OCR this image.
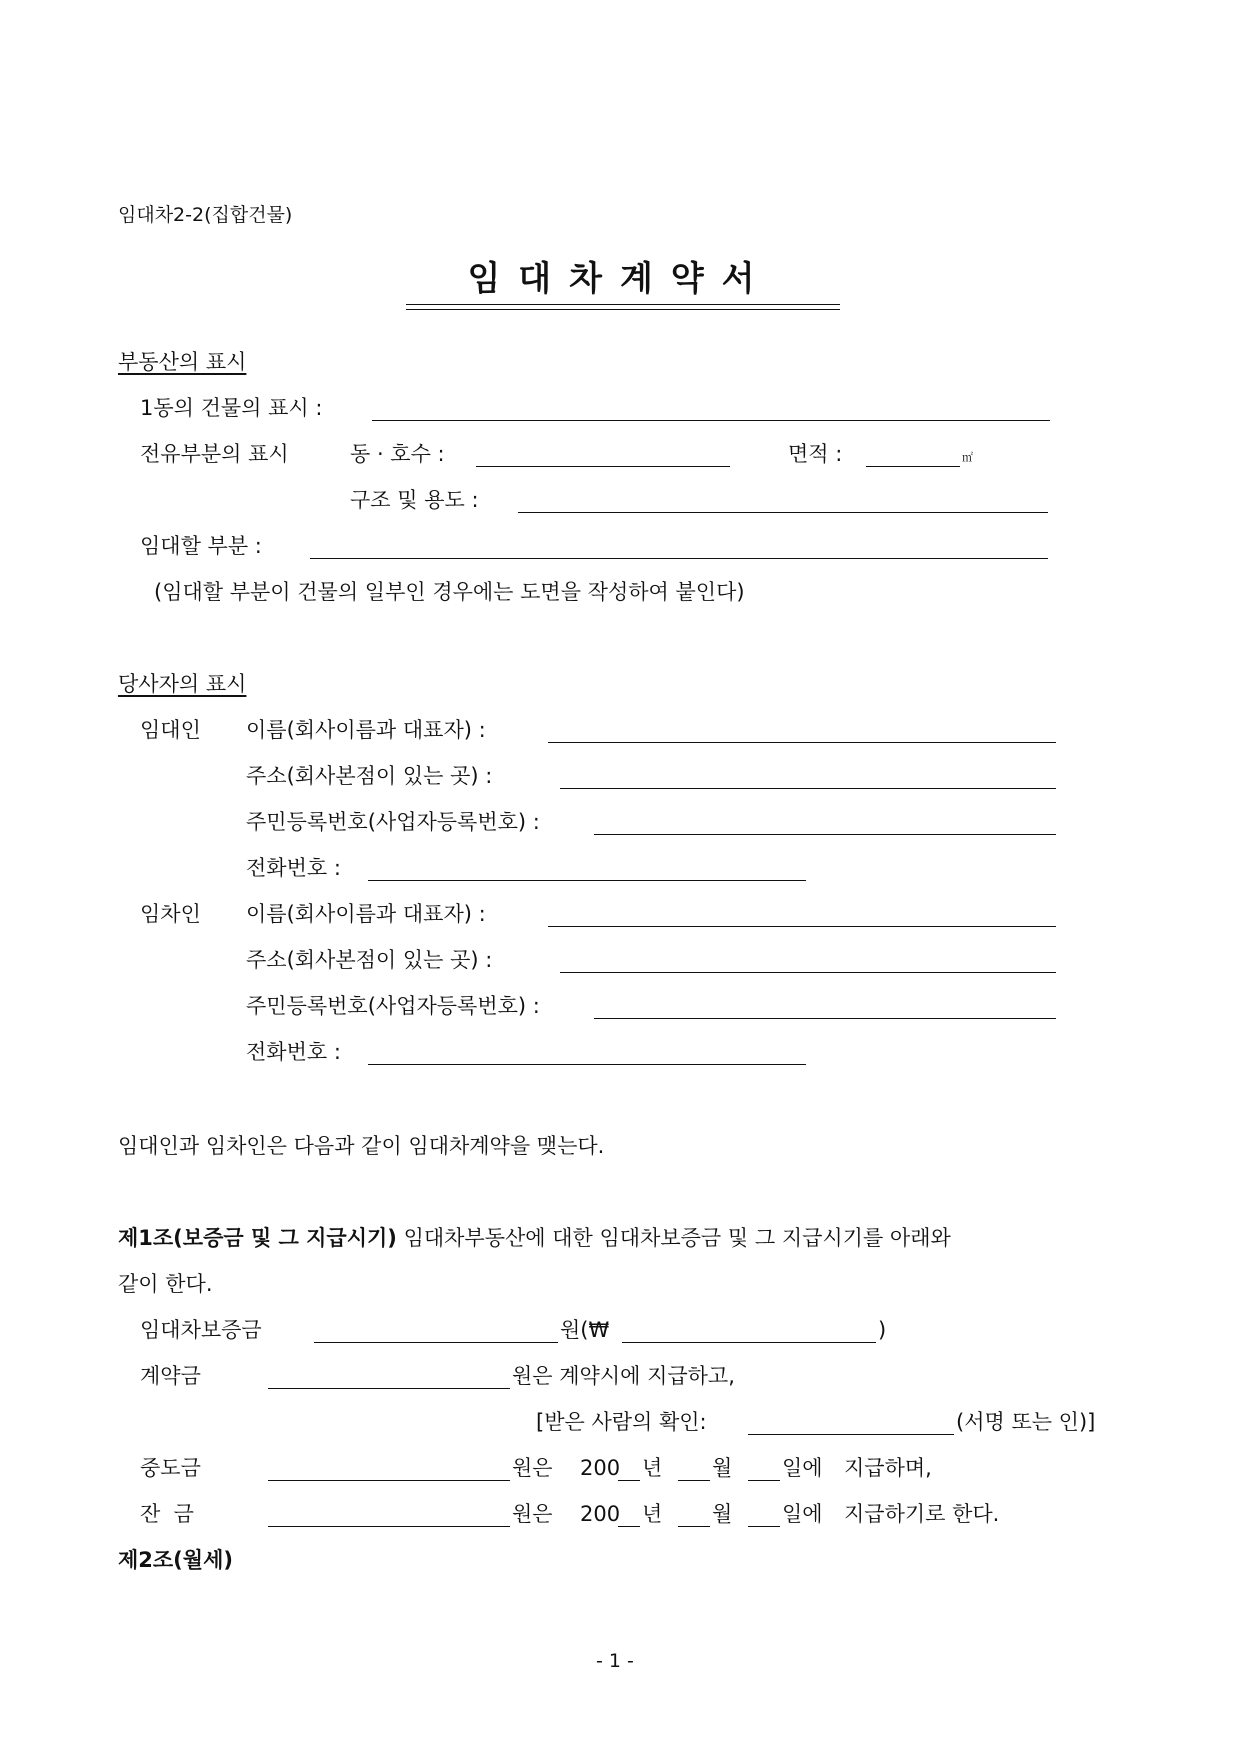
임대차2-2(집합건물)
임대차계약서
부동산의 표시
1동의 건물의 표시 :
전유부분의 표시	동 · 호수 :	면적 :	㎡
구조 및 용도 :
임대할 부분 :
(임대할 부분이 건물의 일부인 경우에는 도면을 작성하여 붙인다)
당사자의 표시
임대인 이름(회사이름과 대표자) :
주소(회사본점이 있는 곳) :
주민등록번호(사업자등록번호) :
전화번호 :
임차인 이름(회사이름과 대표자) :
주소(회사본점이 있는 곳) :
주민등록번호(사업자등록번호) :
전화번호 :
임대인과 임차인은 다음과 같이 임대차계약을 맺는다.
제1조(보증금 및 그 지급시기) 임대차부동산에 대한 임대차보증금 및 그 지급시기를 아래와
같이 한다.
임대차보증금	원(₩	)
계약금	원은 계약시에 지급하고,
[받은 사람의 확인:	(서명 또는 인)]
중도금	원은 200 년 월 일에 지급하며,
잔  금	원은 200 년 월 일에 지급하기로 한다.
제2조(월세)
- 1 -
